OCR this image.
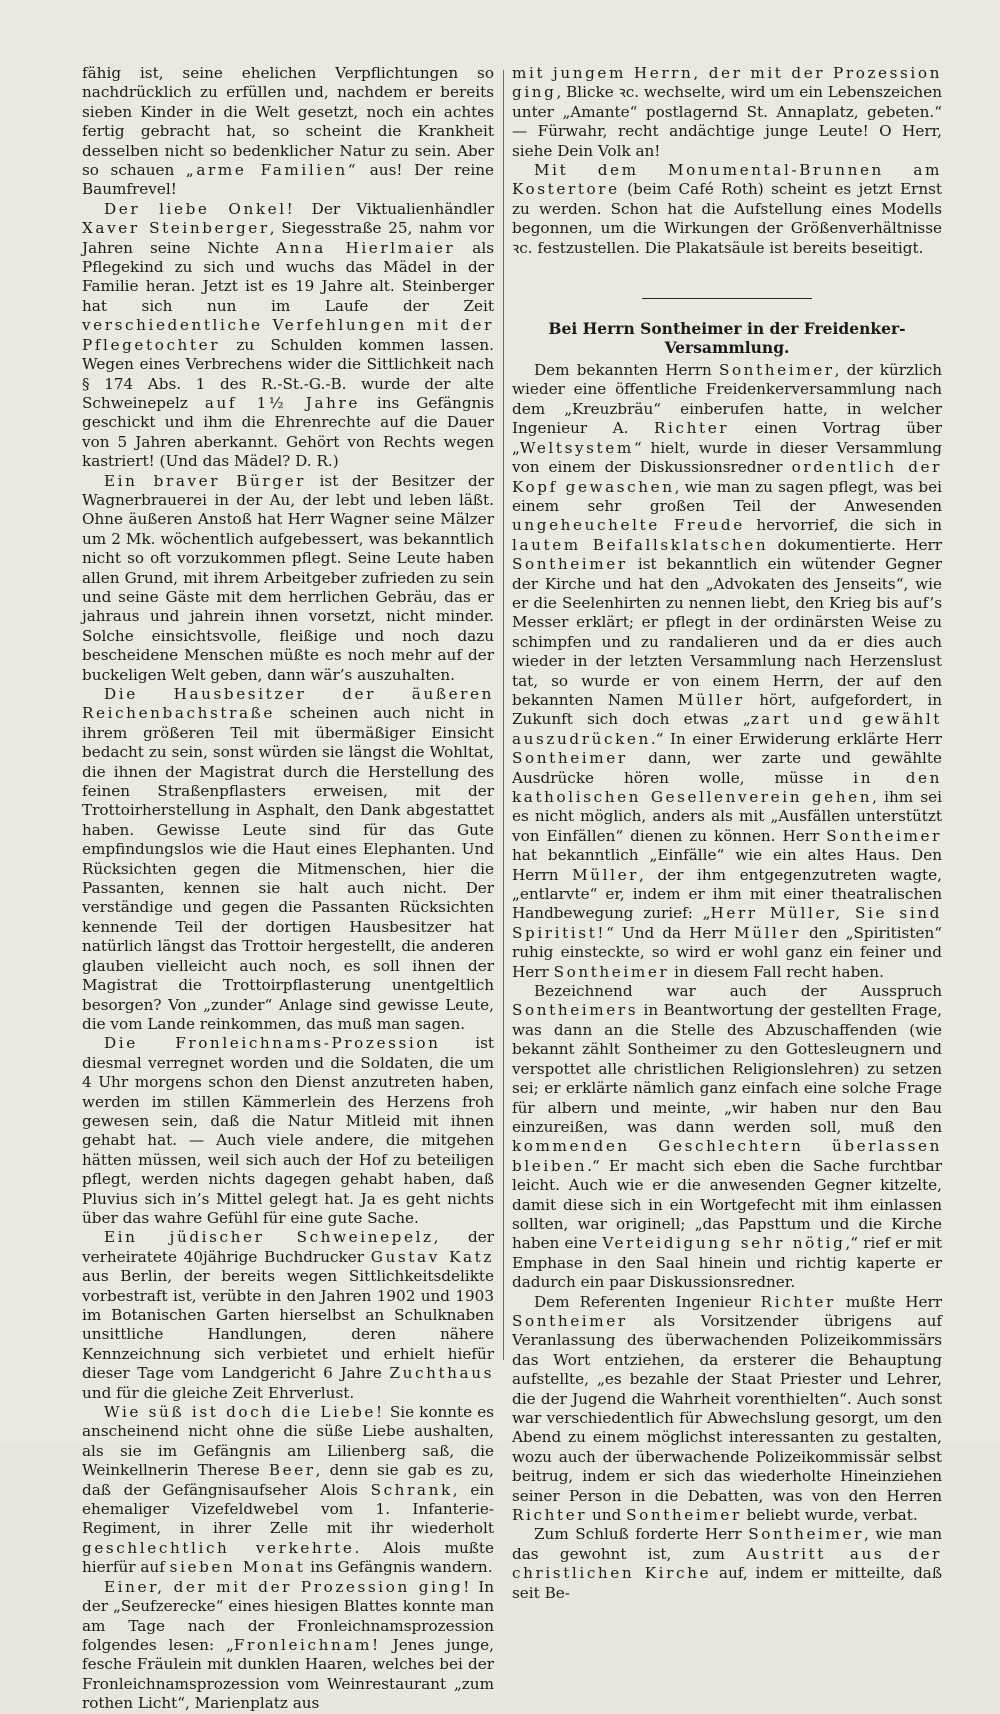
fähig ist, seine ehelichen Verpflichtungen so nachdrücklich zu erfüllen und, nachdem er bereits sieben Kinder in die Welt gesetzt, noch ein achtes fertig gebracht hat, so scheint die Krankheit desselben nicht so bedenklicher Natur zu sein. Aber so schauen „arme Familien“ aus! Der reine Baumfrevel!

Der liebe Onkel! Der Viktualienhändler Xaver Steinberger, Siegesstraße 25, nahm vor Jahren seine Nichte Anna Hierlmaier als Pflegekind zu sich und wuchs das Mädel in der Familie heran. Jetzt ist es 19 Jahre alt. Steinberger hat sich nun im Laufe der Zeit verschiedentliche Verfehlungen mit der Pflegetochter zu Schulden kommen lassen. Wegen eines Verbrechens wider die Sittlichkeit nach § 174 Abs. 1 des R.-St.-G.-B. wurde der alte Schweinepelz auf 1½ Jahre ins Gefängnis geschickt und ihm die Ehrenrechte auf die Dauer von 5 Jahren aberkannt. Gehört von Rechts wegen kastriert! (Und das Mädel? D. R.)

Ein braver Bürger ist der Besitzer der Wagnerbrauerei in der Au, der lebt und leben läßt. Ohne äußeren Anstoß hat Herr Wagner seine Mälzer um 2 Mk. wöchentlich aufgebessert, was bekanntlich nicht so oft vorzukommen pflegt. Seine Leute haben allen Grund, mit ihrem Arbeitgeber zufrieden zu sein und seine Gäste mit dem herrlichen Gebräu, das er jahraus und jahrein ihnen vorsetzt, nicht minder. Solche einsichtsvolle, fleißige und noch dazu bescheidene Menschen müßte es noch mehr auf der buckeligen Welt geben, dann wär’s auszuhalten.

Die Hausbesitzer der äußeren Reichenbachstraße scheinen auch nicht in ihrem größeren Teil mit übermäßiger Einsicht bedacht zu sein, sonst würden sie längst die Wohltat, die ihnen der Magistrat durch die Herstellung des feinen Straßenpflasters erweisen, mit der Trottoirherstellung in Asphalt, den Dank abgestattet haben. Gewisse Leute sind für das Gute empfindungslos wie die Haut eines Elephanten. Und Rücksichten gegen die Mitmenschen, hier die Passanten, kennen sie halt auch nicht. Der verständige und gegen die Passanten Rücksichten kennende Teil der dortigen Hausbesitzer hat natürlich längst das Trottoir hergestellt, die anderen glauben vielleicht auch noch, es soll ihnen der Magistrat die Trottoirpflasterung unentgeltlich besorgen? Von „zunder“ Anlage sind gewisse Leute, die vom Lande reinkommen, das muß man sagen.

Die Fronleichnams-Prozession ist diesmal verregnet worden und die Soldaten, die um 4 Uhr morgens schon den Dienst anzutreten haben, werden im stillen Kämmerlein des Herzens froh gewesen sein, daß die Natur Mitleid mit ihnen gehabt hat. — Auch viele andere, die mitgehen hätten müssen, weil sich auch der Hof zu beteiligen pflegt, werden nichts dagegen gehabt haben, daß Pluvius sich in’s Mittel gelegt hat. Ja es geht nichts über das wahre Gefühl für eine gute Sache.

Ein jüdischer Schweinepelz, der verheiratete 40jährige Buchdrucker Gustav Katz aus Berlin, der bereits wegen Sittlichkeitsdelikte vorbestraft ist, verübte in den Jahren 1902 und 1903 im Botanischen Garten hierselbst an Schulknaben unsittliche Handlungen, deren nähere Kennzeichnung sich verbietet und erhielt hiefür dieser Tage vom Landgericht 6 Jahre Zuchthaus und für die gleiche Zeit Ehrverlust.

Wie süß ist doch die Liebe! Sie konnte es anscheinend nicht ohne die süße Liebe aushalten, als sie im Gefängnis am Lilienberg saß, die Weinkellnerin Therese Beer, denn sie gab es zu, daß der Gefängnisaufseher Alois Schrank, ein ehemaliger Vizefeldwebel vom 1. Infanterie-Regiment, in ihrer Zelle mit ihr wiederholt geschlechtlich verkehrte. Alois mußte hierfür auf sieben Monat ins Gefängnis wandern.

Einer, der mit der Prozession ging! In der „Seufzerecke“ eines hiesigen Blattes konnte man am Tage nach der Fronleichnamsprozession folgendes lesen: „Fronleichnam! Jenes junge, fesche Fräulein mit dunklen Haaren, welches bei der Fronleichnamsprozession vom Weinrestaurant „zum rothen Licht“, Marienplatz aus

mit jungem Herrn, der mit der Prozession ging, Blicke ꝛc. wechselte, wird um ein Lebenszeichen unter „Amante“ postlagernd St. Annaplatz, gebeten.“ — Fürwahr, recht andächtige junge Leute! O Herr, siehe Dein Volk an!

Mit dem Monumental-Brunnen am Kostertore (beim Café Roth) scheint es jetzt Ernst zu werden. Schon hat die Aufstellung eines Modells begonnen, um die Wirkungen der Größenverhältnisse ꝛc. festzustellen. Die Plakatsäule ist bereits beseitigt.

Bei Herrn Sontheimer in der Freidenker-Versammlung.

Dem bekannten Herrn Sontheimer, der kürzlich wieder eine öffentliche Freidenkerversammlung nach dem „Kreuzbräu“ einberufen hatte, in welcher Ingenieur A. Richter einen Vortrag über „Weltsystem“ hielt, wurde in dieser Versammlung von einem der Diskussionsredner ordentlich der Kopf gewaschen, wie man zu sagen pflegt, was bei einem sehr großen Teil der Anwesenden ungeheuchelte Freude hervorrief, die sich in lautem Beifallsklatschen dokumentierte. Herr Sontheimer ist bekanntlich ein wütender Gegner der Kirche und hat den „Advokaten des Jenseits“, wie er die Seelenhirten zu nennen liebt, den Krieg bis auf’s Messer erklärt; er pflegt in der ordinärsten Weise zu schimpfen und zu randalieren und da er dies auch wieder in der letzten Versammlung nach Herzenslust tat, so wurde er von einem Herrn, der auf den bekannten Namen Müller hört, aufgefordert, in Zukunft sich doch etwas „zart und gewählt auszudrücken.“ In einer Erwiderung erklärte Herr Sontheimer dann, wer zarte und gewählte Ausdrücke hören wolle, müsse in den katholischen Gesellenverein gehen, ihm sei es nicht möglich, anders als mit „Ausfällen unterstützt von Einfällen“ dienen zu können. Herr Sontheimer hat bekanntlich „Einfälle“ wie ein altes Haus. Den Herrn Müller, der ihm entgegenzutreten wagte, „entlarvte“ er, indem er ihm mit einer theatralischen Handbewegung zurief: „Herr Müller, Sie sind Spiritist!“ Und da Herr Müller den „Spiritisten“ ruhig einsteckte, so wird er wohl ganz ein feiner und Herr Sontheimer in diesem Fall recht haben.

Bezeichnend war auch der Ausspruch Sontheimers in Beantwortung der gestellten Frage, was dann an die Stelle des Abzuschaffenden (wie bekannt zählt Sontheimer zu den Gottesleugnern und verspottet alle christlichen Religionslehren) zu setzen sei; er erklärte nämlich ganz einfach eine solche Frage für albern und meinte, „wir haben nur den Bau einzureißen, was dann werden soll, muß den kommenden Geschlechtern überlassen bleiben.“ Er macht sich eben die Sache furchtbar leicht. Auch wie er die anwesenden Gegner kitzelte, damit diese sich in ein Wortgefecht mit ihm einlassen sollten, war originell; „das Papsttum und die Kirche haben eine Verteidigung sehr nötig,“ rief er mit Emphase in den Saal hinein und richtig kaperte er dadurch ein paar Diskussionsredner.

Dem Referenten Ingenieur Richter mußte Herr Sontheimer als Vorsitzender übrigens auf Veranlassung des überwachenden Polizeikommissärs das Wort entziehen, da ersterer die Behauptung aufstellte, „es bezahle der Staat Priester und Lehrer, die der Jugend die Wahrheit vorenthielten“. Auch sonst war verschiedentlich für Abwechslung gesorgt, um den Abend zu einem möglichst interessanten zu gestalten, wozu auch der überwachende Polizeikommissär selbst beitrug, indem er sich das wiederholte Hineinziehen seiner Person in die Debatten, was von den Herren Richter und Sontheimer beliebt wurde, verbat.

Zum Schluß forderte Herr Sontheimer, wie man das gewohnt ist, zum Austritt aus der christlichen Kirche auf, indem er mitteilte, daß seit Be-
